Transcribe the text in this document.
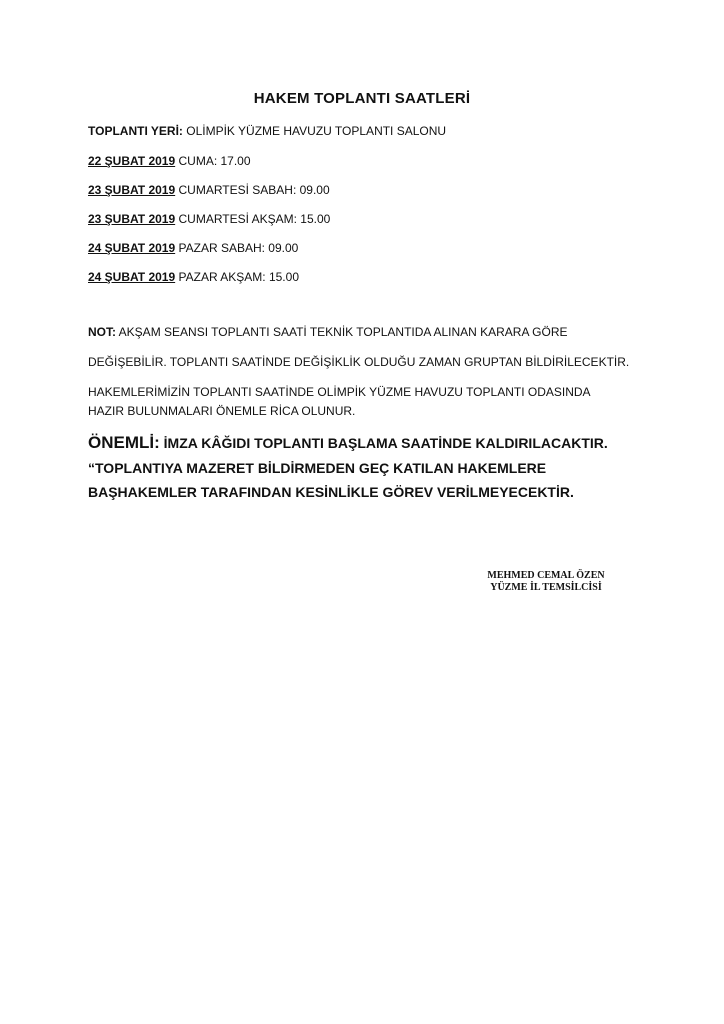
HAKEM TOPLANTI SAATLERİ
TOPLANTI YERİ: OLİMPİK YÜZME HAVUZU TOPLANTI SALONU
22 ŞUBAT 2019 CUMA: 17.00
23 ŞUBAT 2019 CUMARTESİ SABAH: 09.00
23 ŞUBAT 2019 CUMARTESİ AKŞAM: 15.00
24 ŞUBAT 2019 PAZAR SABAH: 09.00
24 ŞUBAT 2019 PAZAR AKŞAM: 15.00
NOT: AKŞAM SEANSI TOPLANTI SAATİ TEKNİK TOPLANTIDA ALINAN KARARA GÖRE
DEĞİŞEBİLİR. TOPLANTI SAATİNDE DEĞİŞİKLİK OLDUĞU ZAMAN GRUPTAN BİLDİRİLECEKTİR.
HAKEMLERİMİZİN TOPLANTI SAATİNDE OLİMPİK YÜZME HAVUZU TOPLANTI ODASINDA
HAZIR BULUNMALARI ÖNEMLE RİCA OLUNUR.
ÖNEMLİ: İMZA KÂĞIDI TOPLANTI BAŞLAMA SAATİNDE KALDIRILACAKTIR.
“TOPLANTIYA MAZERET BİLDİRMEDEN GEÇ KATILAN HAKEMLERE
BAŞHAKEMLER TARAFINDAN KESİNLİKLE GÖREV VERİLMEYECEKTİR.
MEHMED CEMAL ÖZEN
YÜZME İL TEMSİLCİSİ
